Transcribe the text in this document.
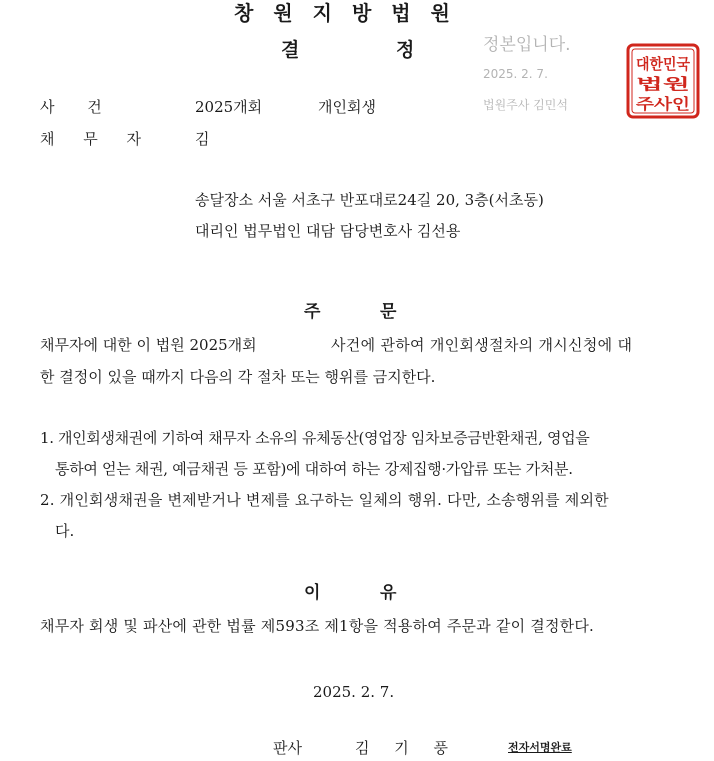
창원지방법원
결	정	정본입니다.
2025. 2. 7.
법원주사 김민석
대한민국
법원
주사인
사 건	2025개회	개인회생
채 무 자	김
송달장소 서울 서초구 반포대로24길 20, 3층(서초동)
대리인 법무법인 대담 담당변호사 김선용
주	문
채무자에 대한 이 법원 2025개회	사건에 관하여 개인회생절차의 개시신청에 대
한 결정이 있을 때까지 다음의 각 절차 또는 행위를 금지한다.
1. 개인회생채권에 기하여 채무자 소유의 유체동산(영업장 임차보증금반환채권, 영업을
통하여 얻는 채권, 예금채권 등 포함)에 대하여 하는 강제집행·가압류 또는 가처분.
2. 개인회생채권을 변제받거나 변제를 요구하는 일체의 행위. 다만, 소송행위를 제외한
다.
이	유
채무자 회생 및 파산에 관한 법률 제593조 제1항을 적용하여 주문과 같이 결정한다.
2025. 2. 7.
판사	김 기 풍	전자서명완료
